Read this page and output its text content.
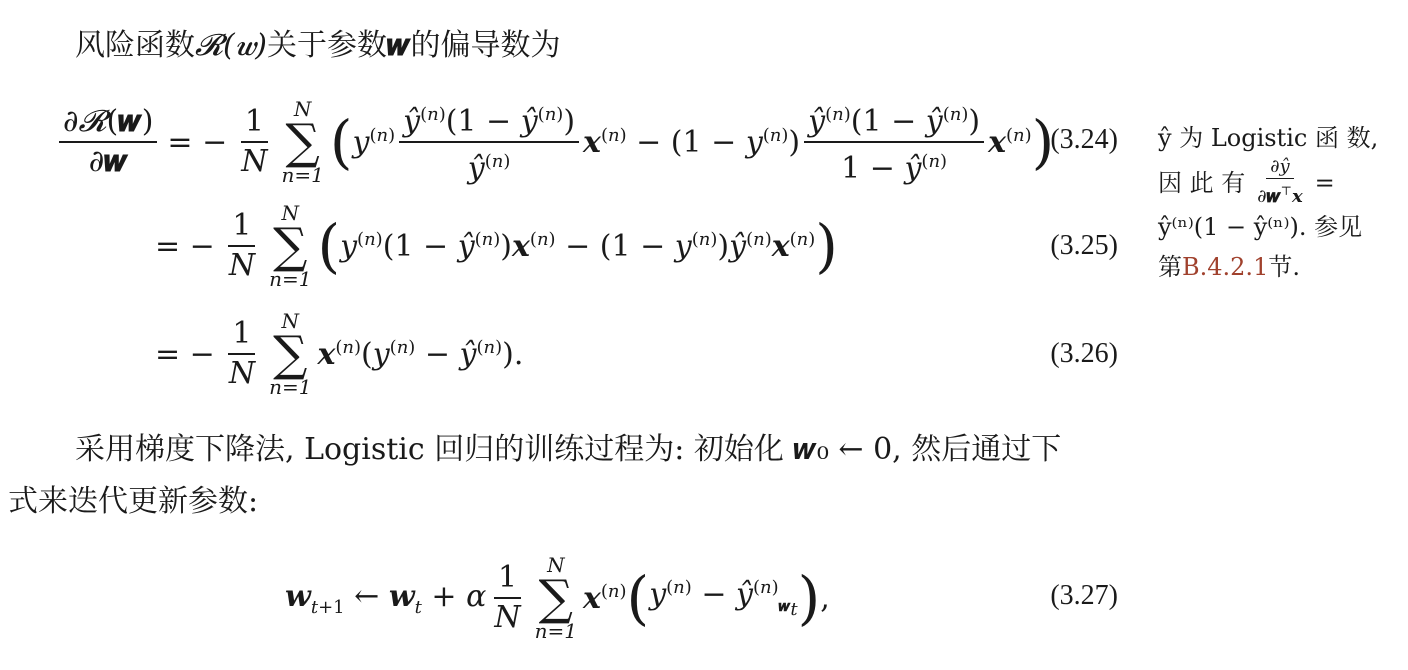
风险函数𝓡(𝒘)关于参数𝒘的偏导数为
$\frac{\text{∂𝓡(𝒘)}}{\text{∂𝒘}}$ = − $\frac{1}{N}$ N
∑
n=1 ( $y^{(n)} \frac{ŷ^{(n)}(1 - ŷ^{(n)})}{ŷ^{(n)}} x^{(n)} - (1 - y^{(n)}) \frac{ŷ^{(n)}(1 - ŷ^{(n)})}{1 - ŷ^{(n)}} x^{(n)}$ )
(3.24)
= − $\frac{1}{N}$ N
∑
n=1 ( $y^{(n)}(1$ − $ŷ^{(n)})x^{(n)} - (1$ − $y^{(n)})ŷ^{(n)}x^{(n)}$ )	(3.25)
= − $\frac{1}{N}$ N
∑
n=1
$x^{(n)}(y^{(n)}$ − $ŷ^{(n)}$).	(3.26)
采用梯度下降法, Logistic 回归的训练过程为: 初始化 𝒘₀ ← 0, 然后通过下
式来迭代更新参数:
𝒘$_{t+1}$ ← 𝒘$_t$ + α $\frac{1}{N}$ N
∑
n=1
$x^{(n)}$ ( $y^{(n)}$ − $ŷ^{(n)}_{𝒘_t}$ ) ,	(3.27)
ŷ 为 Logistic 函 数,
因 此 有 $\frac{\partial ŷ}{\partial 𝒘^⊤x}$ =
ŷ⁽ⁿ⁾(1 − ŷ⁽ⁿ⁾). 参见
第B.4.2.1节.
